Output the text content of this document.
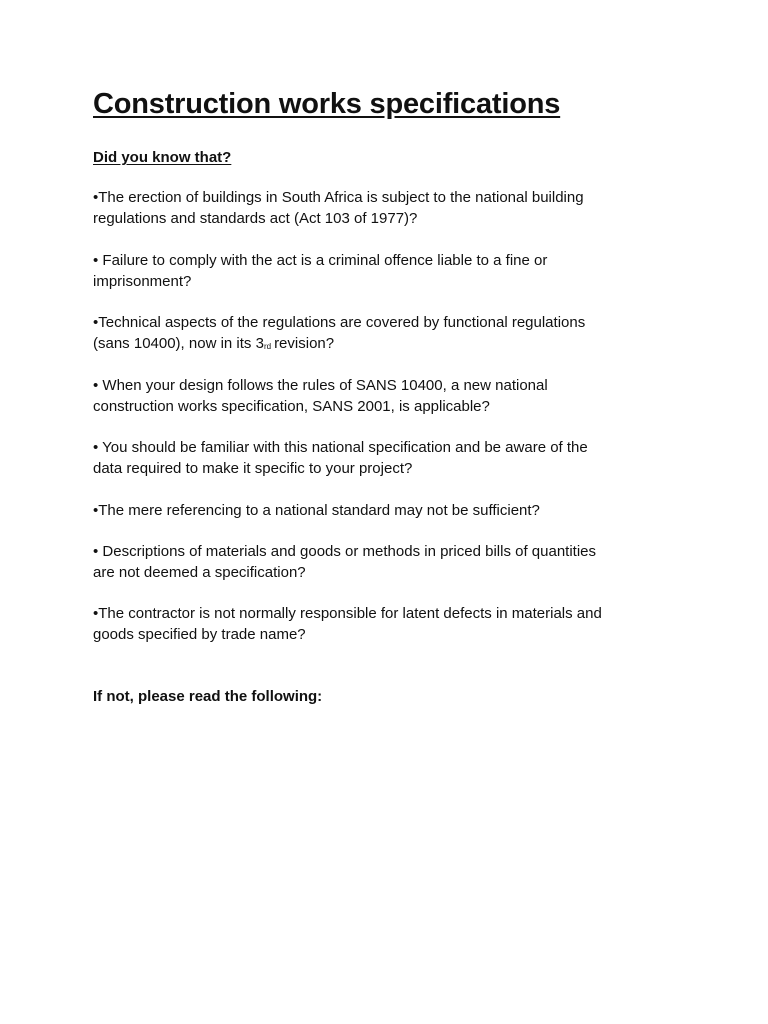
Construction works specifications

Did you know that?

•The erection of buildings in South Africa is subject to the national building
regulations and standards act (Act 103 of 1977)?

• Failure to comply with the act is a criminal offence liable to a fine or
imprisonment?

•Technical aspects of the regulations are covered by functional regulations
(sans 10400), now in its $3_{rd}$ revision?

• When your design follows the rules of SANS 10400, a new national
construction works specification, SANS 2001, is applicable?

• You should be familiar with this national specification and be aware of the
data required to make it specific to your project?

•The mere referencing to a national standard may not be sufficient?

• Descriptions of materials and goods or methods in priced bills of quantities
are not deemed a specification?

•The contractor is not normally responsible for latent defects in materials and
goods specified by trade name?

If not, please read the following:
